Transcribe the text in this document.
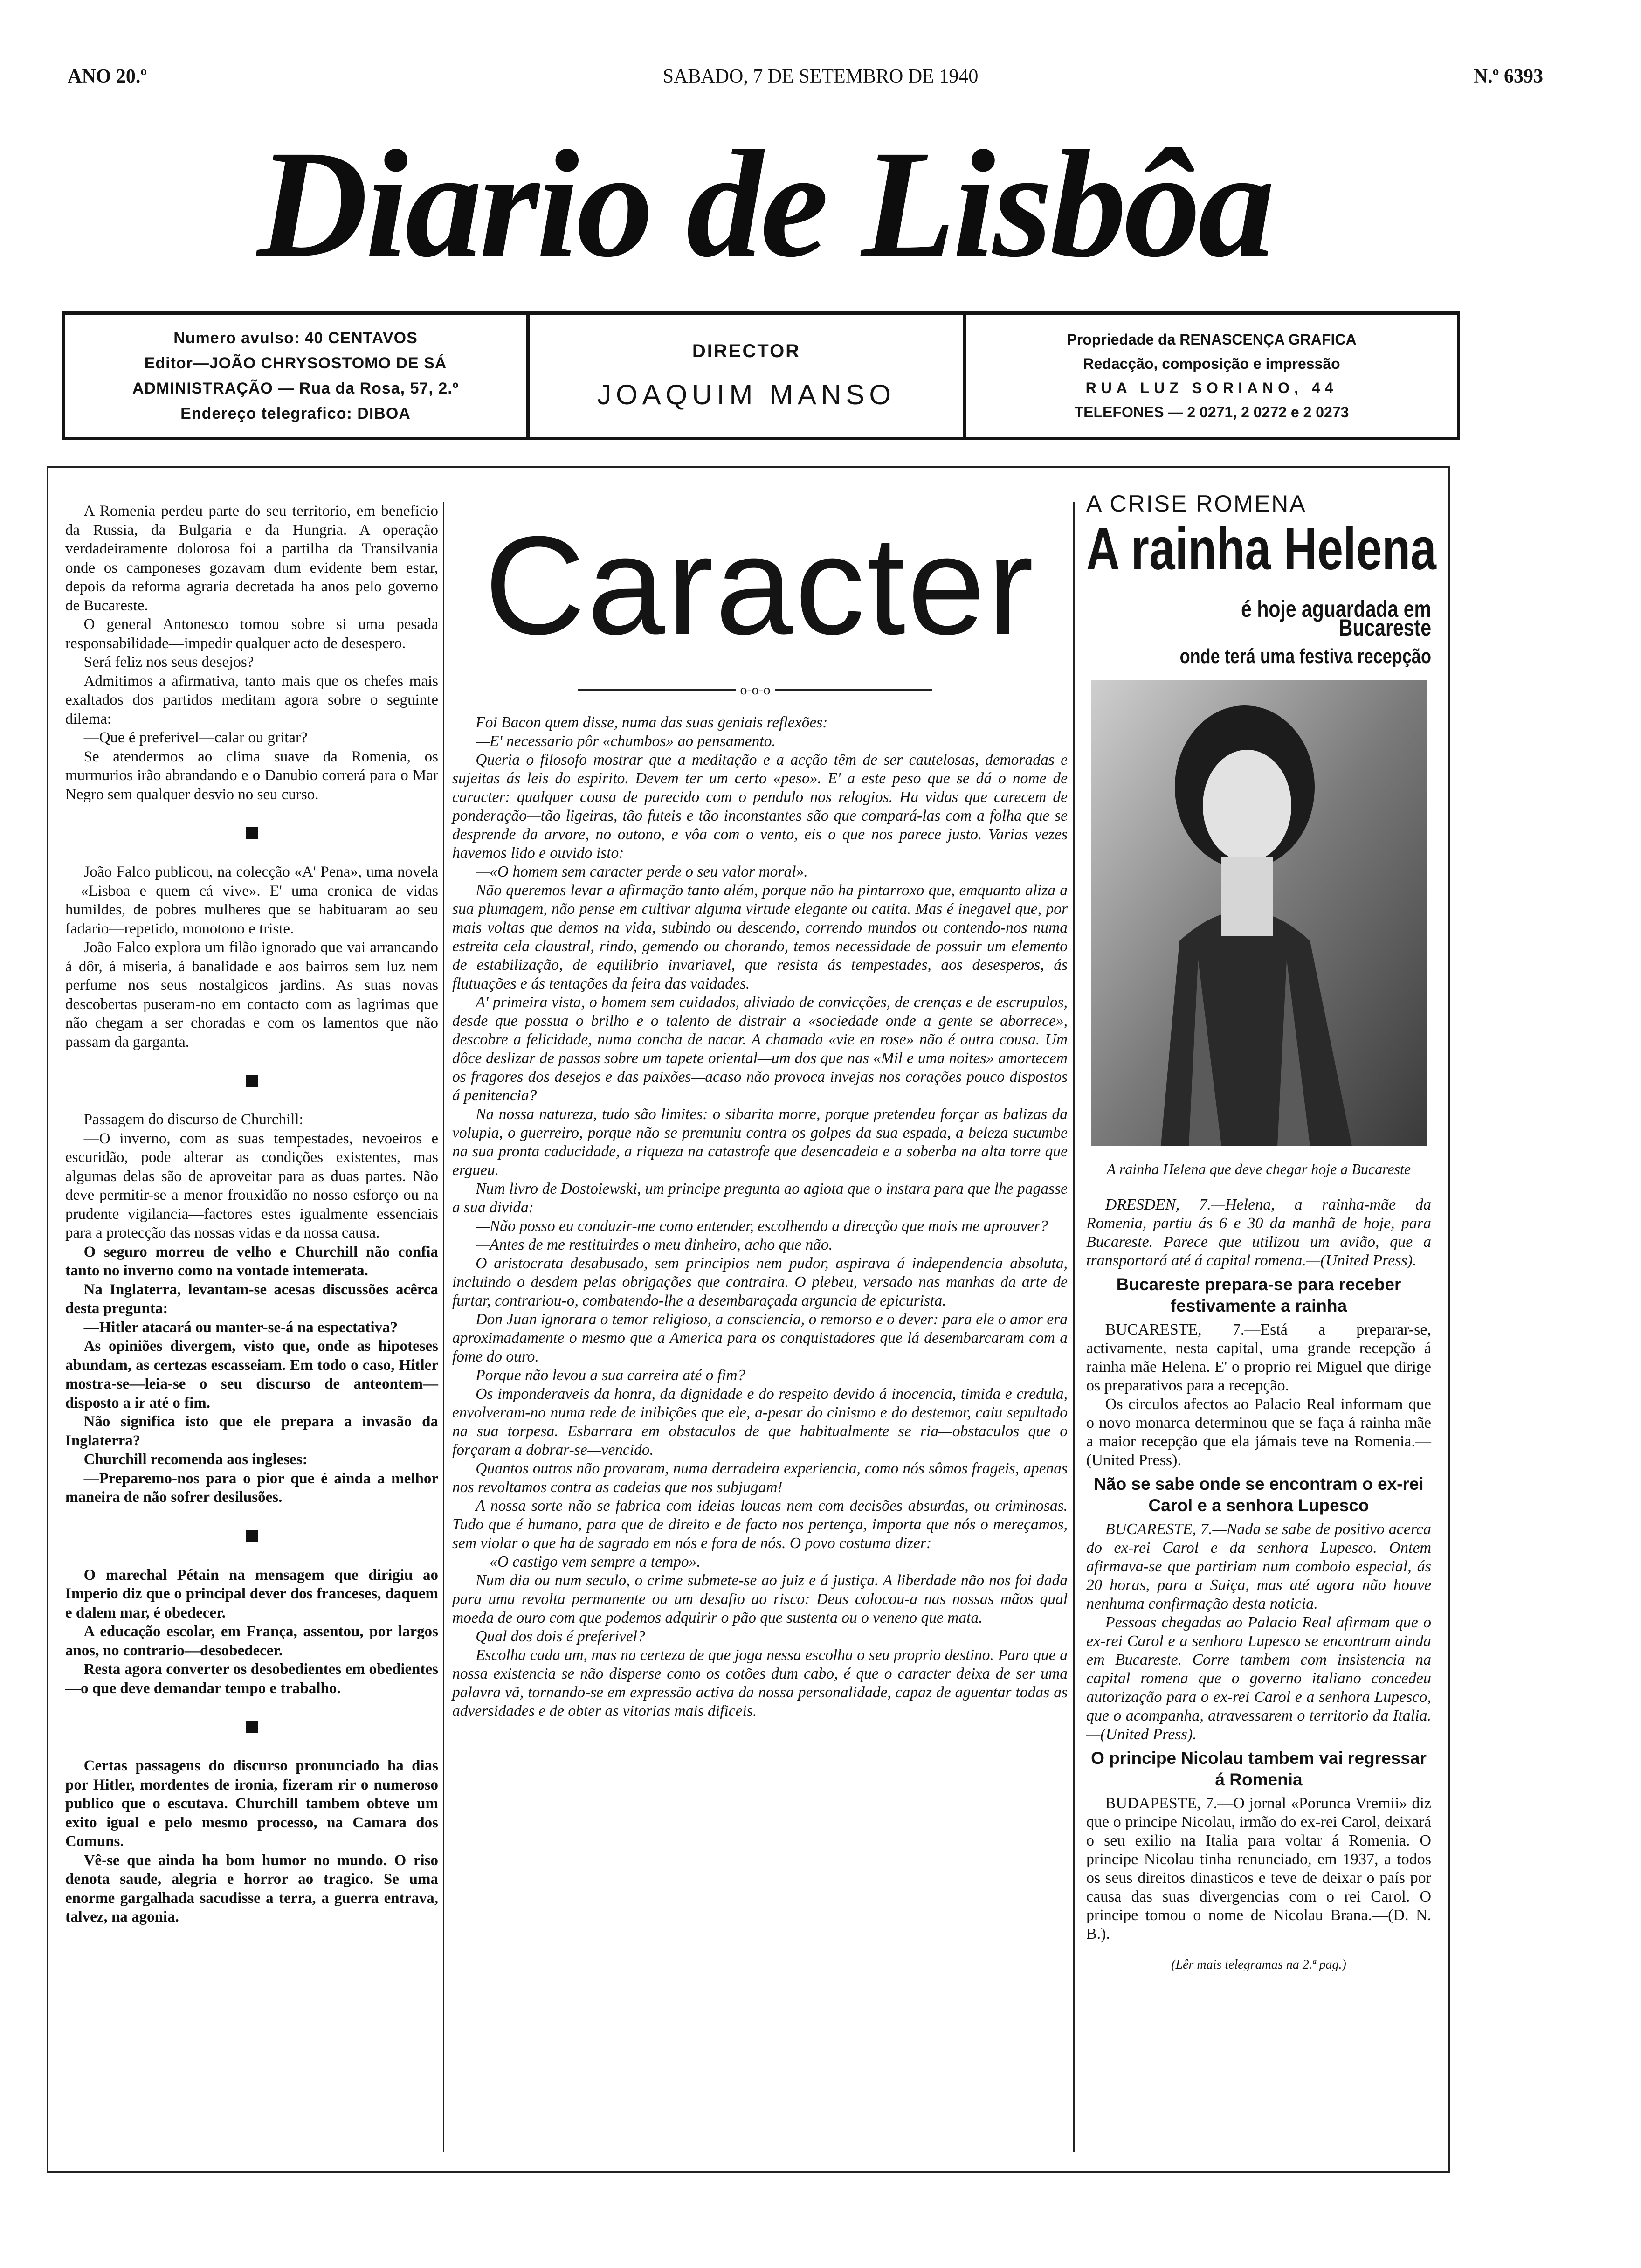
ANO 20.º	SABADO, 7 DE SETEMBRO DE 1940	N.º 6393
Diario de Lisbôa
Numero avulso: 40 CENTAVOS
Editor—JOÃO CHRYSOSTOMO DE SÁ
ADMINISTRAÇÃO — Rua da Rosa, 57, 2.º
Endereço telegrafico: DIBOA
DIRECTOR
JOAQUIM MANSO
Propriedade da RENASCENÇA GRAFICA
Redacção, composição e impressão
RUA LUZ SORIANO, 44
TELEFONES — 2 0271, 2 0272 e 2 0273

A Romenia perdeu parte do seu territorio, em beneficio da Russia, da Bulgaria e da Hungria. A operação verdadeiramente dolorosa foi a partilha da Transilvania onde os camponeses gozavam dum evidente bem estar, depois da reforma agraria decretada ha anos pelo governo de Bucareste.

O general Antonesco tomou sobre si uma pesada responsabilidade—impedir qualquer acto de desespero.

Será feliz nos seus desejos?

Admitimos a afirmativa, tanto mais que os chefes mais exaltados dos partidos meditam agora sobre o seguinte dilema:

—Que é preferivel—calar ou gritar?

Se atendermos ao clima suave da Romenia, os murmurios irão abrandando e o Danubio correrá para o Mar Negro sem qualquer desvio no seu curso.

João Falco publicou, na colecção «A' Pena», uma novela—«Lisboa e quem cá vive». E' uma cronica de vidas humildes, de pobres mulheres que se habituaram ao seu fadario—repetido, monotono e triste.

João Falco explora um filão ignorado que vai arrancando á dôr, á miseria, á banalidade e aos bairros sem luz nem perfume nos seus nostalgicos jardins. As suas novas descobertas puseram-no em contacto com as lagrimas que não chegam a ser choradas e com os lamentos que não passam da garganta.

Passagem do discurso de Churchill:

—O inverno, com as suas tempestades, nevoeiros e escuridão, pode alterar as condições existentes, mas algumas delas são de aproveitar para as duas partes. Não deve permitir-se a menor frouxidão no nosso esforço ou na prudente vigilancia—factores estes igualmente essenciais para a protecção das nossas vidas e da nossa causa.

O seguro morreu de velho e Churchill não confia tanto no inverno como na vontade intemerata.

Na Inglaterra, levantam-se acesas discussões acêrca desta pregunta:

—Hitler atacará ou manter-se-á na espectativa?

As opiniões divergem, visto que, onde as hipoteses abundam, as certezas escasseiam. Em todo o caso, Hitler mostra-se—leia-se o seu discurso de anteontem—disposto a ir até o fim.

Não significa isto que ele prepara a invasão da Inglaterra?

Churchill recomenda aos ingleses:

—Preparemo-nos para o pior que é ainda a melhor maneira de não sofrer desilusões.

O marechal Pétain na mensagem que dirigiu ao Imperio diz que o principal dever dos franceses, daquem e dalem mar, é obedecer.

A educação escolar, em França, assentou, por largos anos, no contrario—desobedecer.

Resta agora converter os desobedientes em obedientes—o que deve demandar tempo e trabalho.

Certas passagens do discurso pronunciado ha dias por Hitler, mordentes de ironia, fizeram rir o numeroso publico que o escutava. Churchill tambem obteve um exito igual e pelo mesmo processo, na Camara dos Comuns.

Vê-se que ainda ha bom humor no mundo. O riso denota saude, alegria e horror ao tragico. Se uma enorme gargalhada sacudisse a terra, a guerra entrava, talvez, na agonia.

Caracter
o-o-o

Foi Bacon quem disse, numa das suas geniais reflexões:

—E' necessario pôr «chumbos» ao pensamento.

Queria o filosofo mostrar que a meditação e a acção têm de ser cautelosas, demoradas e sujeitas ás leis do espirito. Devem ter um certo «peso». E' a este peso que se dá o nome de caracter: qualquer cousa de parecido com o pendulo nos relogios. Ha vidas que carecem de ponderação—tão ligeiras, tão futeis e tão inconstantes são que compará-las com a folha que se desprende da arvore, no outono, e vôa com o vento, eis o que nos parece justo. Varias vezes havemos lido e ouvido isto:

—«O homem sem caracter perde o seu valor moral».

Não queremos levar a afirmação tanto além, porque não ha pintarroxo que, emquanto aliza a sua plumagem, não pense em cultivar alguma virtude elegante ou catita. Mas é inegavel que, por mais voltas que demos na vida, subindo ou descendo, correndo mundos ou contendo-nos numa estreita cela claustral, rindo, gemendo ou chorando, temos necessidade de possuir um elemento de estabilização, de equilibrio invariavel, que resista ás tempestades, aos desesperos, ás flutuações e ás tentações da feira das vaidades.

A' primeira vista, o homem sem cuidados, aliviado de convicções, de crenças e de escrupulos, desde que possua o brilho e o talento de distrair a «sociedade onde a gente se aborrece», descobre a felicidade, numa concha de nacar. A chamada «vie en rose» não é outra cousa. Um dôce deslizar de passos sobre um tapete oriental—um dos que nas «Mil e uma noites» amortecem os fragores dos desejos e das paixões—acaso não provoca invejas nos corações pouco dispostos á penitencia?

Na nossa natureza, tudo são limites: o sibarita morre, porque pretendeu forçar as balizas da volupia, o guerreiro, porque não se premuniu contra os golpes da sua espada, a beleza sucumbe na sua pronta caducidade, a riqueza na catastrofe que desencadeia e a soberba na alta torre que ergueu.

Num livro de Dostoiewski, um principe pregunta ao agiota que o instara para que lhe pagasse a sua divida:

—Não posso eu conduzir-me como entender, escolhendo a direcção que mais me aprouver?

—Antes de me restituirdes o meu dinheiro, acho que não.

O aristocrata desabusado, sem principios nem pudor, aspirava á independencia absoluta, incluindo o desdem pelas obrigações que contraira. O plebeu, versado nas manhas da arte de furtar, contrariou-o, combatendo-lhe a desembaraçada arguncia de epicurista.

Don Juan ignorara o temor religioso, a consciencia, o remorso e o dever: para ele o amor era aproximadamente o mesmo que a America para os conquistadores que lá desembarcaram com a fome do ouro.

Porque não levou a sua carreira até o fim?

Os imponderaveis da honra, da dignidade e do respeito devido á inocencia, timida e credula, envolveram-no numa rede de inibições que ele, a-pesar do cinismo e do destemor, caiu sepultado na sua torpesa. Esbarrara em obstaculos de que habitualmente se ria—obstaculos que o forçaram a dobrar-se—vencido.

Quantos outros não provaram, numa derradeira experiencia, como nós sômos frageis, apenas nos revoltamos contra as cadeias que nos subjugam!

A nossa sorte não se fabrica com ideias loucas nem com decisões absurdas, ou criminosas. Tudo que é humano, para que de direito e de facto nos pertença, importa que nós o mereçamos, sem violar o que ha de sagrado em nós e fora de nós. O povo costuma dizer:

—«O castigo vem sempre a tempo».

Num dia ou num seculo, o crime submete-se ao juiz e á justiça. A liberdade não nos foi dada para uma revolta permanente ou um desafio ao risco: Deus colocou-a nas nossas mãos qual moeda de ouro com que podemos adquirir o pão que sustenta ou o veneno que mata.

Qual dos dois é preferivel?

Escolha cada um, mas na certeza de que joga nessa escolha o seu proprio destino. Para que a nossa existencia se não disperse como os cotões dum cabo, é que o caracter deixa de ser uma palavra vã, tornando-se em expressão activa da nossa personalidade, capaz de aguentar todas as adversidades e de obter as vitorias mais dificeis.

A CRISE ROMENA
A rainha Helena
é hoje aguardada em Bucareste
onde terá uma festiva recepção
A rainha Helena que deve chegar hoje a Bucareste

DRESDEN, 7.—Helena, a rainha-mãe da Romenia, partiu ás 6 e 30 da manhã de hoje, para Bucareste. Parece que utilizou um avião, que a transportará até á capital romena.—(United Press).

Bucareste prepara-se para receber festivamente a rainha

BUCARESTE, 7.—Está a preparar-se, activamente, nesta capital, uma grande recepção á rainha mãe Helena. E' o proprio rei Miguel que dirige os preparativos para a recepção.

Os circulos afectos ao Palacio Real informam que o novo monarca determinou que se faça á rainha mãe a maior recepção que ela jámais teve na Romenia.—(United Press).

Não se sabe onde se encontram o ex-rei Carol e a senhora Lupesco

BUCARESTE, 7.—Nada se sabe de positivo acerca do ex-rei Carol e da senhora Lupesco. Ontem afirmava-se que partiriam num comboio especial, ás 20 horas, para a Suiça, mas até agora não houve nenhuma confirmação desta noticia.

Pessoas chegadas ao Palacio Real afirmam que o ex-rei Carol e a senhora Lupesco se encontram ainda em Bucareste. Corre tambem com insistencia na capital romena que o governo italiano concedeu autorização para o ex-rei Carol e a senhora Lupesco, que o acompanha, atravessarem o territorio da Italia.—(United Press).

O principe Nicolau tambem vai regressar á Romenia

BUDAPESTE, 7.—O jornal «Poruncа Vremii» diz que o principe Nicolau, irmão do ex-rei Carol, deixará o seu exilio na Italia para voltar á Romenia. O principe Nicolau tinha renunciado, em 1937, a todos os seus direitos dinasticos e teve de deixar o país por causa das suas divergencias com o rei Carol. O principe tomou o nome de Nicolau Brana.—(D. N. B.).

(Lêr mais telegramas na 2.ª pag.)
